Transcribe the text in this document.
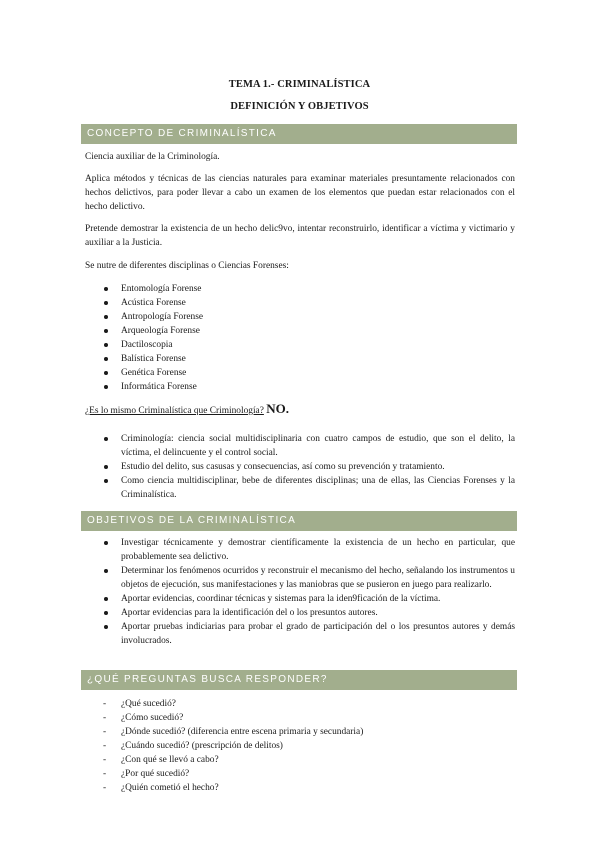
TEMA 1.- CRIMINALÍSTICA
DEFINICIÓN Y OBJETIVOS
CONCEPTO DE CRIMINALÍSTICA
Ciencia auxiliar de la Criminología.
Aplica métodos y técnicas de las ciencias naturales para examinar materiales presuntamente relacionados con hechos delictivos, para poder llevar a cabo un examen de los elementos que puedan estar relacionados con el hecho delictivo.
Pretende demostrar la existencia de un hecho delic9vo, intentar reconstruirlo, identificar a víctima y victimario y auxiliar a la Justicia.
Se nutre de diferentes disciplinas o Ciencias Forenses:
Entomología Forense
Acústica Forense
Antropología Forense
Arqueología Forense
Dactiloscopia
Balística Forense
Genética Forense
Informática Forense
¿Es lo mismo Criminalística que Criminología? NO.
Criminología: ciencia social multidisciplinaria con cuatro campos de estudio, que son el delito, la víctima, el delincuente y el control social.
Estudio del delito, sus casusas y consecuencias, así como su prevención y tratamiento.
Como ciencia multidisciplinar, bebe de diferentes disciplinas; una de ellas, las Ciencias Forenses y la Criminalística.
OBJETIVOS DE LA CRIMINALÍSTICA
Investigar técnicamente y demostrar científicamente la existencia de un hecho en particular, que probablemente sea delictivo.
Determinar los fenómenos ocurridos y reconstruir el mecanismo del hecho, señalando los instrumentos u objetos de ejecución, sus manifestaciones y las maniobras que se pusieron en juego para realizarlo.
Aportar evidencias, coordinar técnicas y sistemas para la iden9ficación de la víctima.
Aportar evidencias para la identificación del o los presuntos autores.
Aportar pruebas indiciarias para probar el grado de participación del o los presuntos autores y demás involucrados.
¿QUÉ PREGUNTAS BUSCA RESPONDER?
- ¿Qué sucedió?
- ¿Cómo sucedió?
- ¿Dónde sucedió? (diferencia entre escena primaria y secundaria)
- ¿Cuándo sucedió? (prescripción de delitos)
- ¿Con qué se llevó a cabo?
- ¿Por qué sucedió?
- ¿Quién cometió el hecho?
